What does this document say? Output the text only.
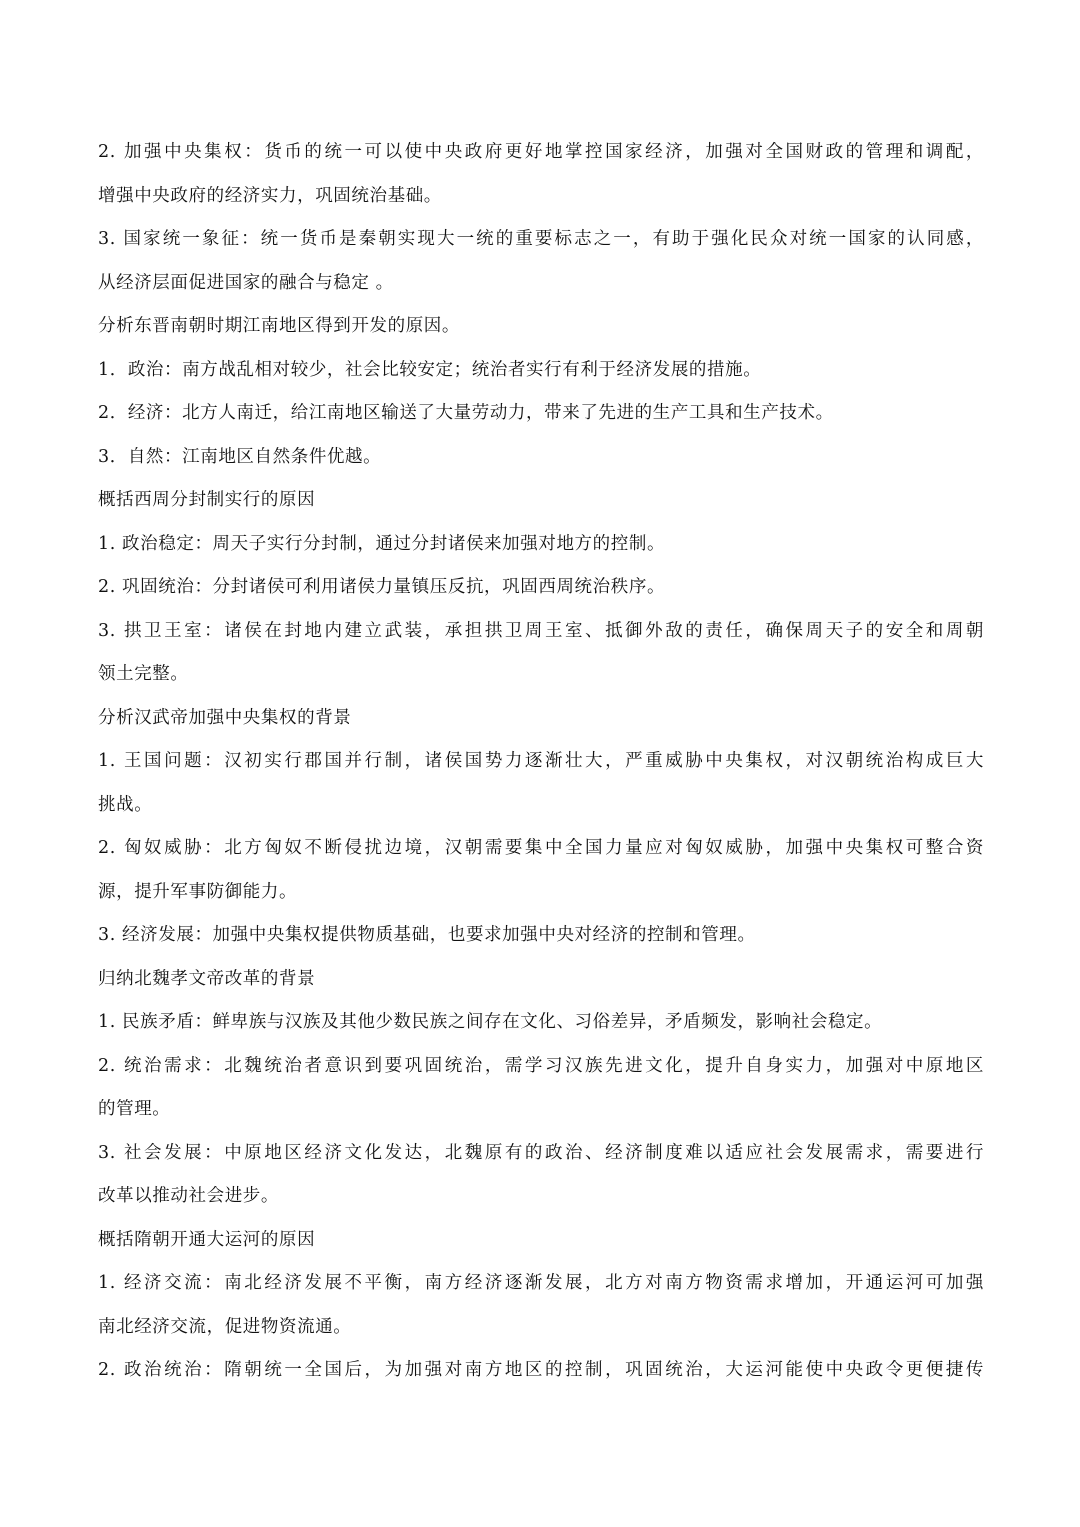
2. 加强中央集权：货币的统一可以使中央政府更好地掌控国家经济，加强对全国财政的管理和调配，
增强中央政府的经济实力，巩固统治基础。
3. 国家统一象征：统一货币是秦朝实现大一统的重要标志之一，有助于强化民众对统一国家的认同感，
从经济层面促进国家的融合与稳定 。
分析东晋南朝时期江南地区得到开发的原因。
1．政治：南方战乱相对较少，社会比较安定；统治者实行有利于经济发展的措施。
2．经济：北方人南迁，给江南地区输送了大量劳动力，带来了先进的生产工具和生产技术。
3．自然：江南地区自然条件优越。
概括西周分封制实行的原因
1. 政治稳定：周天子实行分封制，通过分封诸侯来加强对地方的控制。
2. 巩固统治：分封诸侯可利用诸侯力量镇压反抗，巩固西周统治秩序。
3. 拱卫王室：诸侯在封地内建立武装，承担拱卫周王室、抵御外敌的责任，确保周天子的安全和周朝
领土完整。
分析汉武帝加强中央集权的背景
1. 王国问题：汉初实行郡国并行制，诸侯国势力逐渐壮大，严重威胁中央集权，对汉朝统治构成巨大
挑战。
2. 匈奴威胁：北方匈奴不断侵扰边境，汉朝需要集中全国力量应对匈奴威胁，加强中央集权可整合资
源，提升军事防御能力。
3. 经济发展：加强中央集权提供物质基础，也要求加强中央对经济的控制和管理。
归纳北魏孝文帝改革的背景
1. 民族矛盾：鲜卑族与汉族及其他少数民族之间存在文化、习俗差异，矛盾频发，影响社会稳定。
2. 统治需求：北魏统治者意识到要巩固统治，需学习汉族先进文化，提升自身实力，加强对中原地区
的管理。
3. 社会发展：中原地区经济文化发达，北魏原有的政治、经济制度难以适应社会发展需求，需要进行
改革以推动社会进步。
概括隋朝开通大运河的原因
1. 经济交流：南北经济发展不平衡，南方经济逐渐发展，北方对南方物资需求增加，开通运河可加强
南北经济交流，促进物资流通。
2. 政治统治：隋朝统一全国后，为加强对南方地区的控制，巩固统治，大运河能使中央政令更便捷传
